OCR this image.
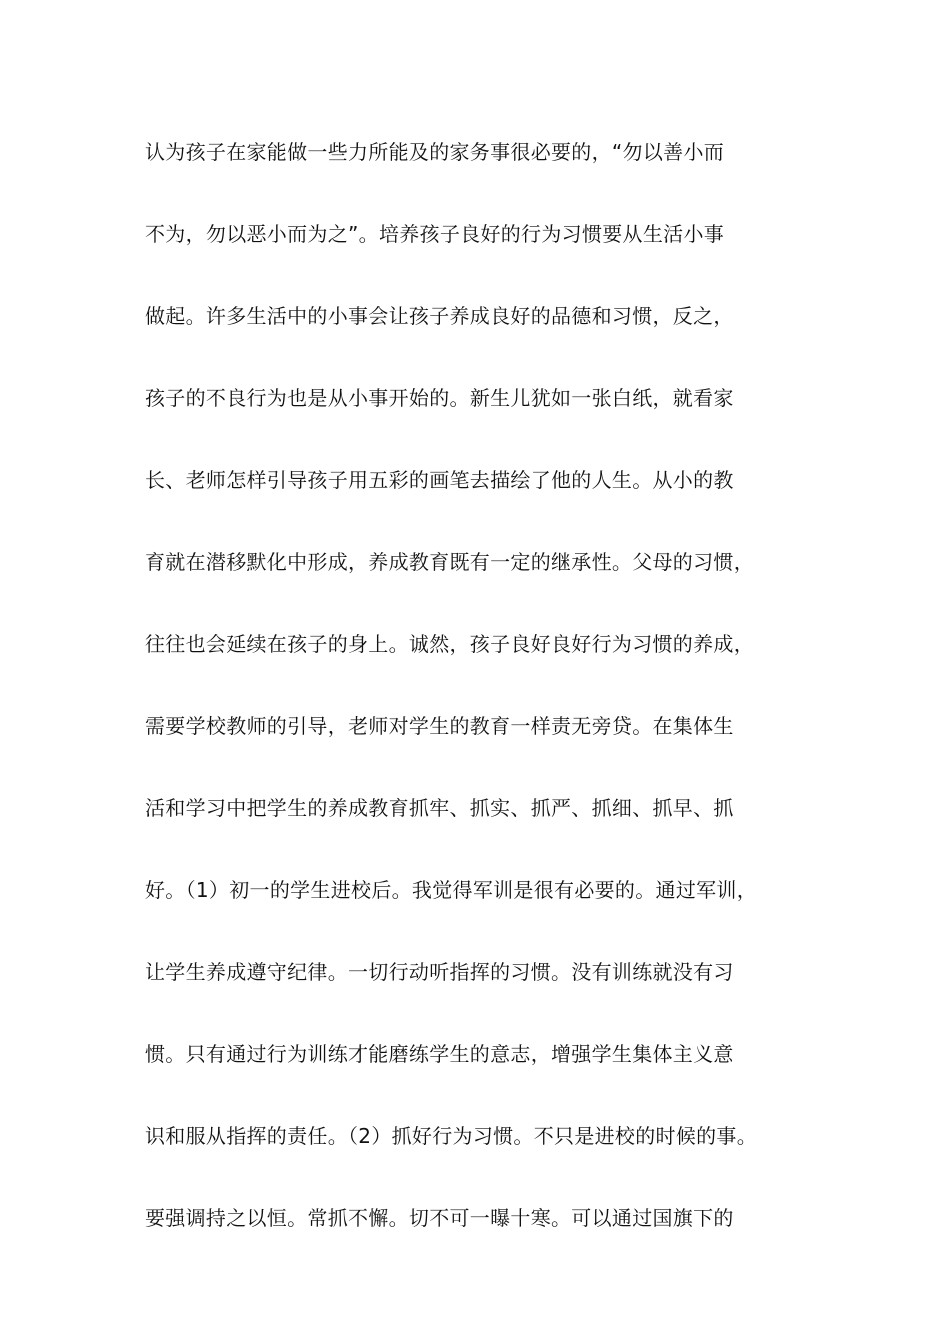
认为孩子在家能做一些力所能及的家务事很必要的，“勿以善小而
不为，勿以恶小而为之”。培养孩子良好的行为习惯要从生活小事
做起。许多生活中的小事会让孩子养成良好的品德和习惯，反之，
孩子的不良行为也是从小事开始的。新生儿犹如一张白纸，就看家
长、老师怎样引导孩子用五彩的画笔去描绘了他的人生。从小的教
育就在潜移默化中形成，养成教育既有一定的继承性。父母的习惯，
往往也会延续在孩子的身上。诚然，孩子良好良好行为习惯的养成，
需要学校教师的引导，老师对学生的教育一样责无旁贷。在集体生
活和学习中把学生的养成教育抓牢、抓实、抓严、抓细、抓早、抓
好。（1）初一的学生进校后。我觉得军训是很有必要的。通过军训，
让学生养成遵守纪律。一切行动听指挥的习惯。没有训练就没有习
惯。只有通过行为训练才能磨练学生的意志，增强学生集体主义意
识和服从指挥的责任。（2）抓好行为习惯。不只是进校的时候的事。
要强调持之以恒。常抓不懈。切不可一曝十寒。可以通过国旗下的
